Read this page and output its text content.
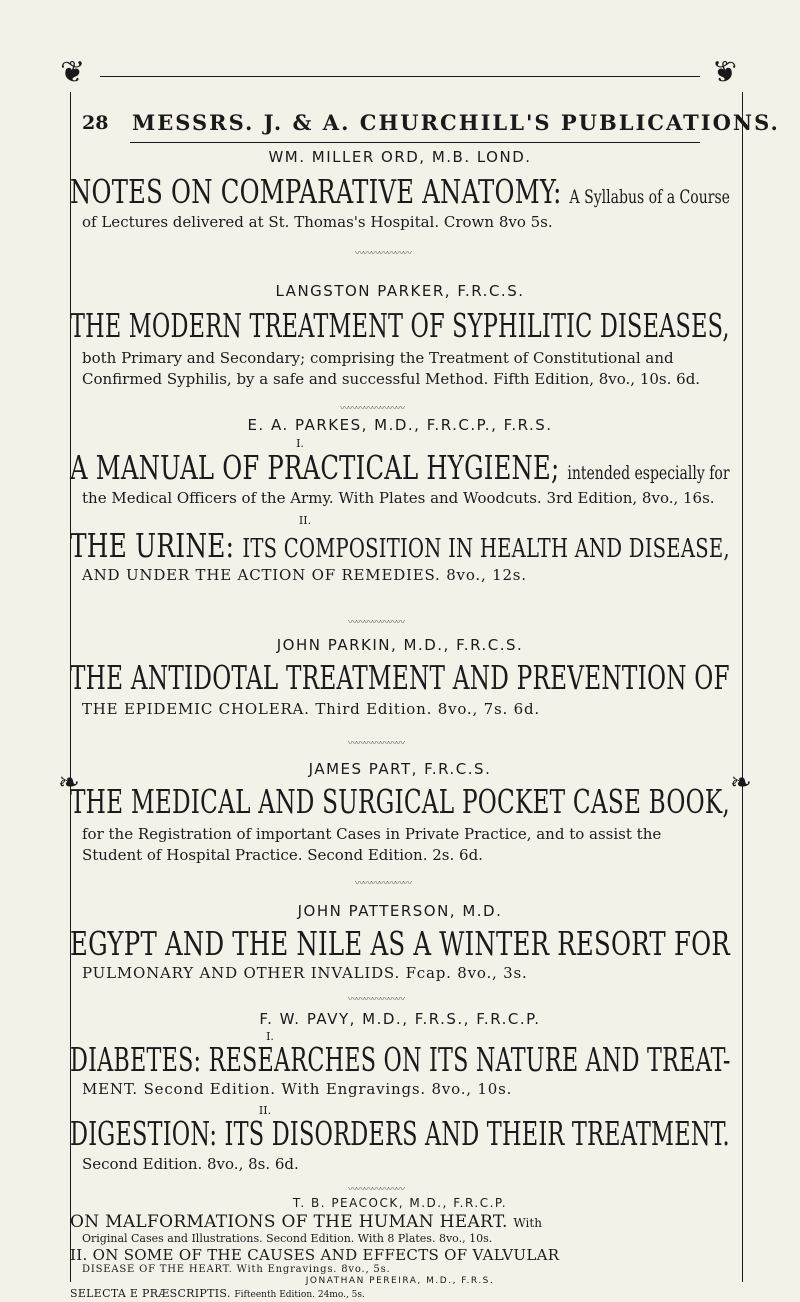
❦	❦
❧	❧
28 MESSRS. J. & A. CHURCHILL'S PUBLICATIONS.
WM. MILLER ORD, M.B. LOND.
NOTES ON COMPARATIVE ANATOMY: A Syllabus of a Course
of Lectures delivered at St. Thomas's Hospital. Crown 8vo 5s.
〰〰〰〰〰〰〰
LANGSTON PARKER, F.R.C.S.
THE MODERN TREATMENT OF SYPHILITIC DISEASES,
both Primary and Secondary; comprising the Treatment of Constitutional and Confirmed Syphilis, by a safe and successful Method. Fifth Edition, 8vo., 10s. 6d.
〰〰〰〰〰〰〰〰
E. A. PARKES, M.D., F.R.C.P., F.R.S.
I.
A MANUAL OF PRACTICAL HYGIENE; intended especially for
the Medical Officers of the Army. With Plates and Woodcuts. 3rd Edition, 8vo., 16s.
II.
THE URINE: ITS COMPOSITION IN HEALTH AND DISEASE,
AND UNDER THE ACTION OF REMEDIES. 8vo., 12s.
〰〰〰〰〰〰〰
JOHN PARKIN, M.D., F.R.C.S.
THE ANTIDOTAL TREATMENT AND PREVENTION OF
THE EPIDEMIC CHOLERA. Third Edition. 8vo., 7s. 6d.
〰〰〰〰〰〰〰
JAMES PART, F.R.C.S.
THE MEDICAL AND SURGICAL POCKET CASE BOOK,
for the Registration of important Cases in Private Practice, and to assist the Student of Hospital Practice. Second Edition. 2s. 6d.
〰〰〰〰〰〰〰
JOHN PATTERSON, M.D.
EGYPT AND THE NILE AS A WINTER RESORT FOR
PULMONARY AND OTHER INVALIDS. Fcap. 8vo., 3s.
〰〰〰〰〰〰〰
F. W. PAVY, M.D., F.R.S., F.R.C.P.
I.
DIABETES: RESEARCHES ON ITS NATURE AND TREAT-
MENT. Second Edition. With Engravings. 8vo., 10s.
II.
DIGESTION: ITS DISORDERS AND THEIR TREATMENT.
Second Edition. 8vo., 8s. 6d.
〰〰〰〰〰〰〰
T. B. PEACOCK, M.D., F.R.C.P.
ON MALFORMATIONS OF THE HUMAN HEART. With
Original Cases and Illustrations. Second Edition. With 8 Plates. 8vo., 10s.
II. ON SOME OF THE CAUSES AND EFFECTS OF VALVULAR
DISEASE OF THE HEART. With Engravings. 8vo., 5s.
JONATHAN PEREIRA, M.D., F.R.S.
SELECTA E PRÆSCRIPTIS. Fifteenth Edition. 24mo., 5s.
